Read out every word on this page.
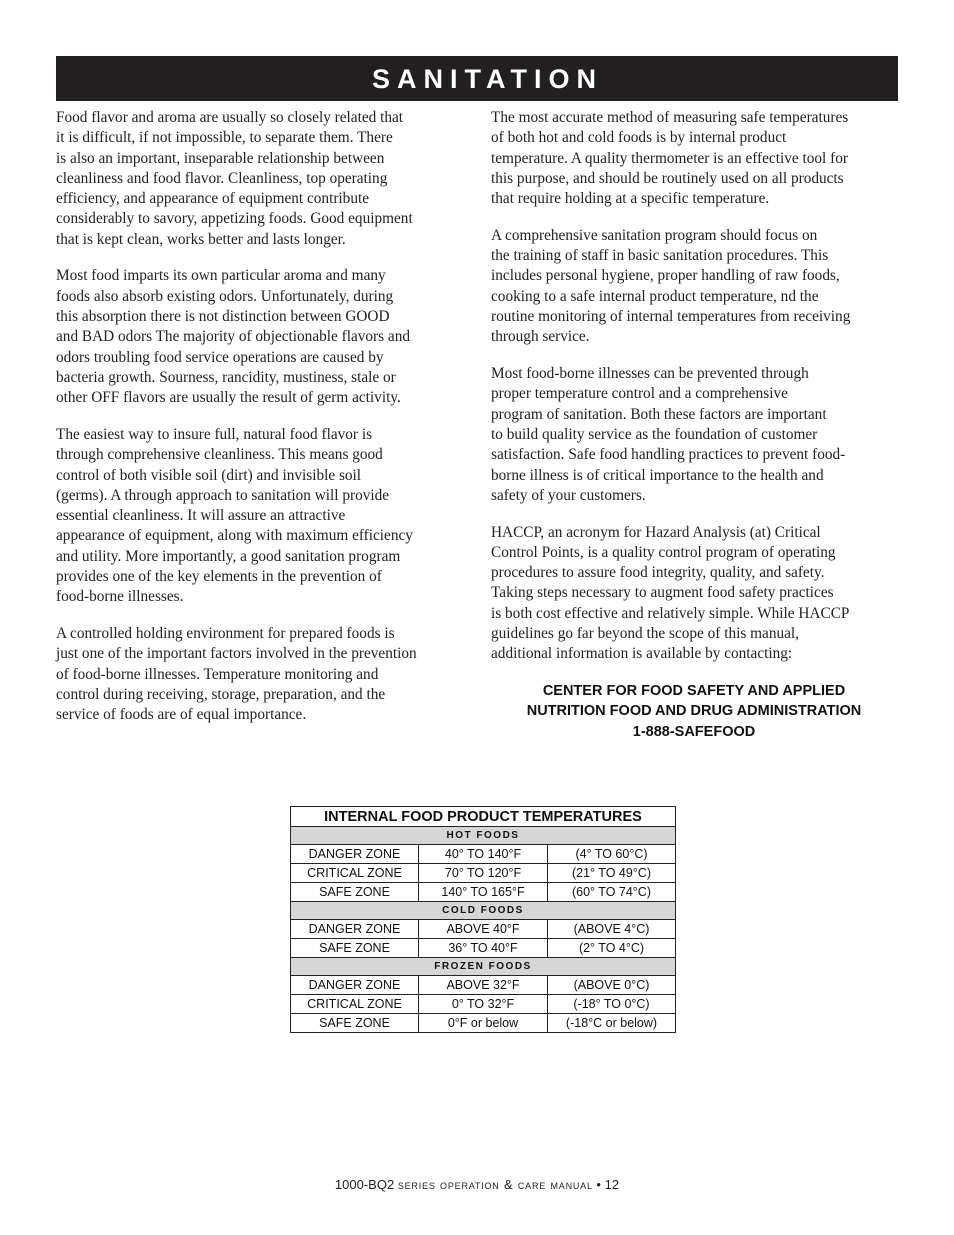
SANITATION

Food flavor and aroma are usually so closely related that
it is difficult, if not impossible, to separate them. There
is also an important, inseparable relationship between
cleanliness and food flavor. Cleanliness, top operating
efficiency, and appearance of equipment contribute
considerably to savory, appetizing foods. Good equipment
that is kept clean, works better and lasts longer.

Most food imparts its own particular aroma and many
foods also absorb existing odors. Unfortunately, during
this absorption there is not distinction between GOOD
and BAD odors The majority of objectionable flavors and
odors troubling food service operations are caused by
bacteria growth. Sourness, rancidity, mustiness, stale or
other OFF flavors are usually the result of germ activity.

The easiest way to insure full, natural food flavor is
through comprehensive cleanliness. This means good
control of both visible soil (dirt) and invisible soil
(germs). A through approach to sanitation will provide
essential cleanliness. It will assure an attractive
appearance of equipment, along with maximum efficiency
and utility. More importantly, a good sanitation program
provides one of the key elements in the prevention of
food-borne illnesses.

A controlled holding environment for prepared foods is
just one of the important factors involved in the prevention
of food-borne illnesses. Temperature monitoring and
control during receiving, storage, preparation, and the
service of foods are of equal importance.

The most accurate method of measuring safe temperatures
of both hot and cold foods is by internal product
temperature. A quality thermometer is an effective tool for
this purpose, and should be routinely used on all products
that require holding at a specific temperature.

A comprehensive sanitation program should focus on
the training of staff in basic sanitation procedures. This
includes personal hygiene, proper handling of raw foods,
cooking to a safe internal product temperature, nd the
routine monitoring of internal temperatures from receiving
through service.

Most food-borne illnesses can be prevented through
proper temperature control and a comprehensive
program of sanitation. Both these factors are important
to build quality service as the foundation of customer
satisfaction. Safe food handling practices to prevent food-
borne illness is of critical importance to the health and
safety of your customers.

HACCP, an acronym for Hazard Analysis (at) Critical
Control Points, is a quality control program of operating
procedures to assure food integrity, quality, and safety.
Taking steps necessary to augment food safety practices
is both cost effective and relatively simple. While HACCP
guidelines go far beyond the scope of this manual,
additional information is available by contacting:

CENTER FOR FOOD SAFETY AND APPLIED
NUTRITION FOOD AND DRUG ADMINISTRATION
1-888-SAFEFOOD
INTERNAL FOOD PRODUCT TEMPERATURES		
HOT FOODS		
DANGER ZONE	40° TO 140°F	(4° TO 60°C)
CRITICAL ZONE	70° TO 120°F	(21° TO 49°C)
SAFE ZONE	140° TO 165°F	(60° TO 74°C)
COLD FOODS		
DANGER ZONE	ABOVE 40°F	(ABOVE 4°C)
SAFE ZONE	36° TO 40°F	(2° TO 4°C)
FROZEN FOODS		
DANGER ZONE	ABOVE 32°F	(ABOVE 0°C)
CRITICAL ZONE	0° TO 32°F	(-18° TO 0°C)
SAFE ZONE	0°F or below	(-18°C or below)
1000-BQ2 series operation & care manual • 12
